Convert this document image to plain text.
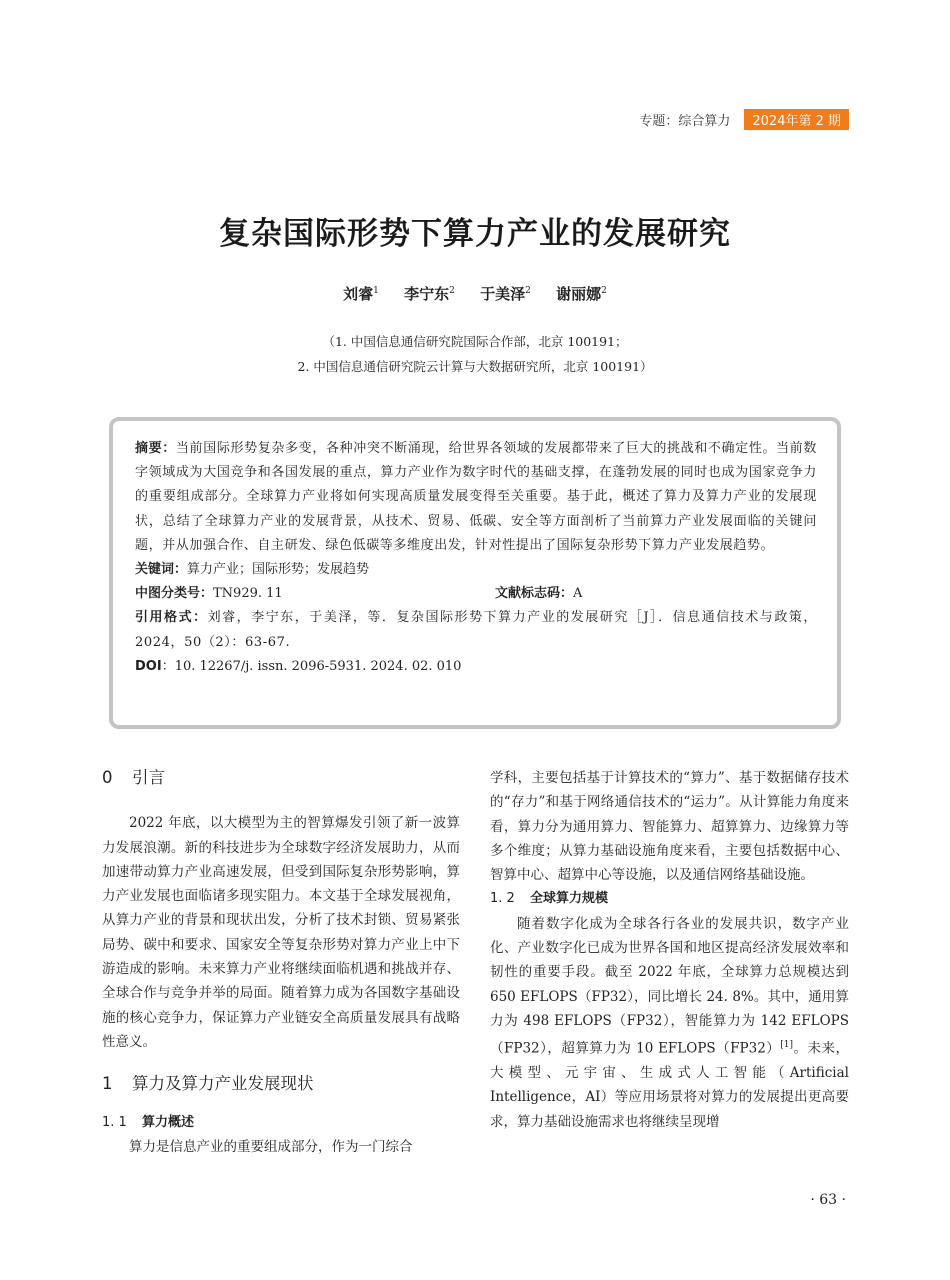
专题：综合算力	2024年第 2 期
复杂国际形势下算力产业的发展研究
刘睿$^1$ 李宁东$^2$ 于美泽$^2$ 谢丽娜$^2$
（1. 中国信息通信研究院国际合作部，北京 100191；
2. 中国信息通信研究院云计算与大数据研究所，北京 100191）
摘要：当前国际形势复杂多变，各种冲突不断涌现，给世界各领域的发展都带来了巨大的挑战和不确定性。当前数字领域成为大国竞争和各国发展的重点，算力产业作为数字时代的基础支撑，在蓬勃发展的同时也成为国家竞争力的重要组成部分。全球算力产业将如何实现高质量发展变得至关重要。基于此，概述了算力及算力产业的发展现状，总结了全球算力产业的发展背景，从技术、贸易、低碳、安全等方面剖析了当前算力产业发展面临的关键问题，并从加强合作、自主研发、绿色低碳等多维度出发，针对性提出了国际复杂形势下算力产业发展趋势。
关键词：算力产业；国际形势；发展趋势
中图分类号：TN929. 11	文献标志码：A
引用格式：刘睿，李宁东，于美泽，等．复杂国际形势下算力产业的发展研究［J］．信息通信技术与政策，2024，50（2）：63-67.
DOI：10. 12267/j. issn. 2096-5931. 2024. 02. 010
0 引言
2022 年底，以大模型为主的智算爆发引领了新一波算力发展浪潮。新的科技进步为全球数字经济发展助力，从而加速带动算力产业高速发展，但受到国际复杂形势影响，算力产业发展也面临诸多现实阻力。本文基于全球发展视角，从算力产业的背景和现状出发，分析了技术封锁、贸易紧张局势、碳中和要求、国家安全等复杂形势对算力产业上中下游造成的影响。未来算力产业将继续面临机遇和挑战并存、全球合作与竞争并举的局面。随着算力成为各国数字基础设施的核心竞争力，保证算力产业链安全高质量发展具有战略性意义。
1 算力及算力产业发展现状
1. 1 算力概述
算力是信息产业的重要组成部分，作为一门综合
学科，主要包括基于计算技术的“算力”、基于数据储存技术的“存力”和基于网络通信技术的“运力”。从计算能力角度来看，算力分为通用算力、智能算力、超算算力、边缘算力等多个维度；从算力基础设施角度来看，主要包括数据中心、智算中心、超算中心等设施，以及通信网络基础设施。
1. 2 全球算力规模
随着数字化成为全球各行各业的发展共识，数字产业化、产业数字化已成为世界各国和地区提高经济发展效率和韧性的重要手段。截至 2022 年底，全球算力总规模达到 650 EFLOPS（FP32），同比增长 24. 8%。其中，通用算力为 498 EFLOPS（FP32），智能算力为 142 EFLOPS（FP32），超算算力为 10 EFLOPS（FP32）[1]。未来，大模型、元宇宙、生成式人工智能（Artificial Intelligence，AI）等应用场景将对算力的发展提出更高要求，算力基础设施需求也将继续呈现增
· 63 ·
